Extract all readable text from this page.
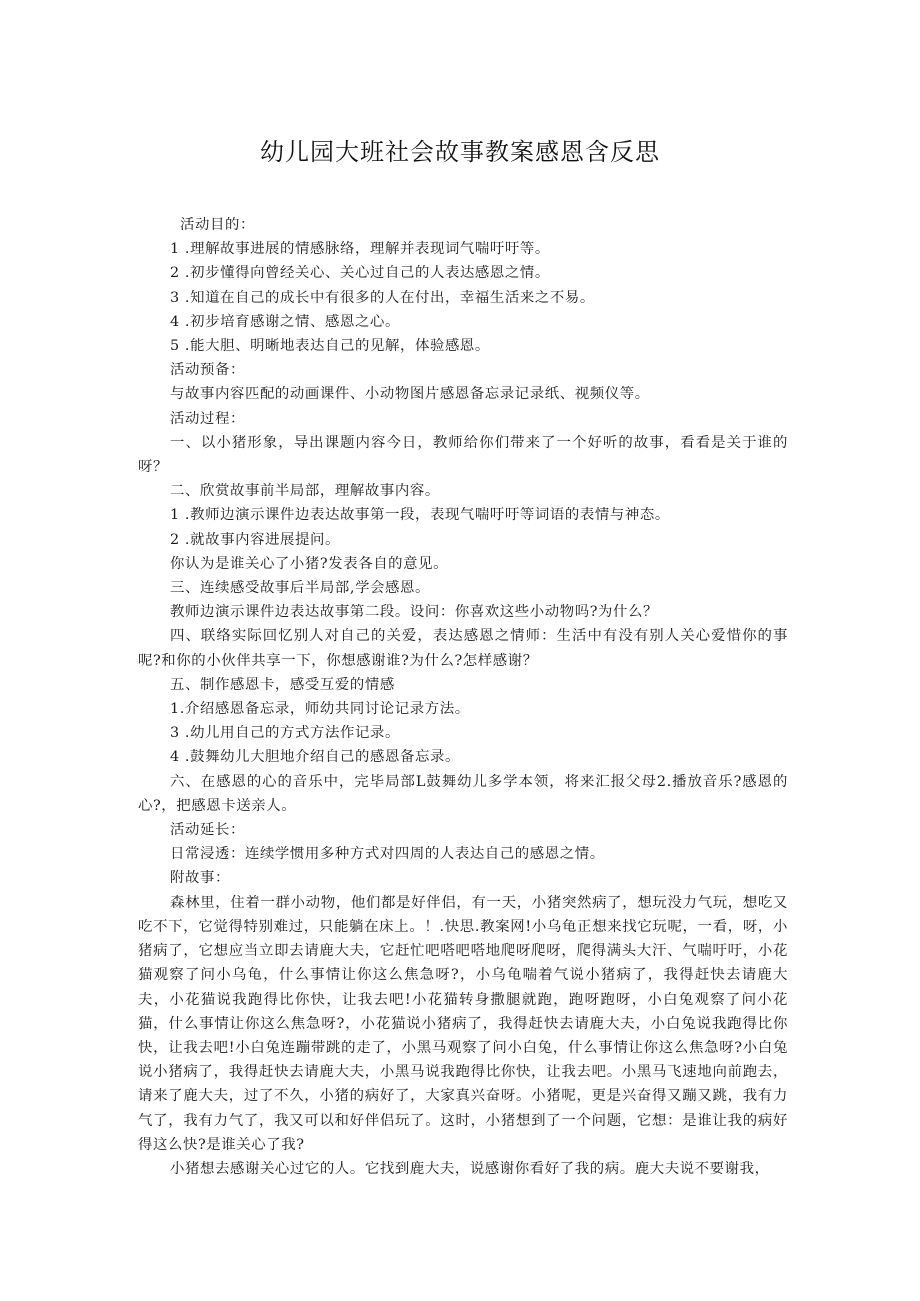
幼儿园大班社会故事教案感恩含反思

活动目的：

1 .理解故事进展的情感脉络，理解并表现词气喘吁吁等。

2 .初步懂得向曾经关心、关心过自己的人表达感恩之情。

3 .知道在自己的成长中有很多的人在付出，幸福生活来之不易。

4 .初步培育感谢之情、感恩之心。

5 .能大胆、明晰地表达自己的见解，体验感恩。

活动预备：

与故事内容匹配的动画课件、小动物图片感恩备忘录记录纸、视频仪等。

活动过程：

一、以小猪形象，导出课题内容今日，教师给你们带来了一个好听的故事，看看是关于谁的呀？

二、欣赏故事前半局部，理解故事内容。

1 .教师边演示课件边表达故事第一段，表现气喘吁吁等词语的表情与神态。

2 .就故事内容进展提问。

你认为是谁关心了小猪?发表各自的意见。

三、连续感受故事后半局部,学会感恩。

教师边演示课件边表达故事第二段。设问：你喜欢这些小动物吗?为什么？

四、联络实际回忆别人对自己的关爱，表达感恩之情师：生活中有没有别人关心爱惜你的事呢?和你的小伙伴共享一下，你想感谢谁?为什么?怎样感谢？

五、制作感恩卡，感受互爱的情感

1.介绍感恩备忘录，师幼共同讨论记录方法。

3 .幼儿用自己的方式方法作记录。

4 .鼓舞幼儿大胆地介绍自己的感恩备忘录。

六、在感恩的心的音乐中，完毕局部L鼓舞幼儿多学本领，将来汇报父母2.播放音乐?感恩的心?，把感恩卡送亲人。

活动延长：

日常浸透：连续学惯用多种方式对四周的人表达自己的感恩之情。

附故事：

森林里，住着一群小动物，他们都是好伴侣，有一天，小猪突然病了，想玩没力气玩，想吃又吃不下，它觉得特别难过，只能躺在床上。！.快思.教案网!小乌龟正想来找它玩呢，一看，呀，小猪病了，它想应当立即去请鹿大夫，它赶忙吧嗒吧嗒地爬呀爬呀，爬得满头大汗、气喘吁吁，小花猫观察了问小乌龟，什么事情让你这么焦急呀?，小乌龟喘着气说小猪病了，我得赶快去请鹿大夫，小花猫说我跑得比你快，让我去吧!小花猫转身撒腿就跑，跑呀跑呀，小白兔观察了问小花猫，什么事情让你这么焦急呀?，小花猫说小猪病了，我得赶快去请鹿大夫，小白兔说我跑得比你快，让我去吧!小白兔连蹦带跳的走了，小黑马观察了问小白兔，什么事情让你这么焦急呀?小白兔说小猪病了，我得赶快去请鹿大夫，小黑马说我跑得比你快，让我去吧。小黑马飞速地向前跑去，请来了鹿大夫，过了不久，小猪的病好了，大家真兴奋呀。小猪呢，更是兴奋得又蹦又跳，我有力气了，我有力气了，我又可以和好伴侣玩了。这时，小猪想到了一个问题，它想：是谁让我的病好得这么快?是谁关心了我?

小猪想去感谢关心过它的人。它找到鹿大夫，说感谢你看好了我的病。鹿大夫说不要谢我，
